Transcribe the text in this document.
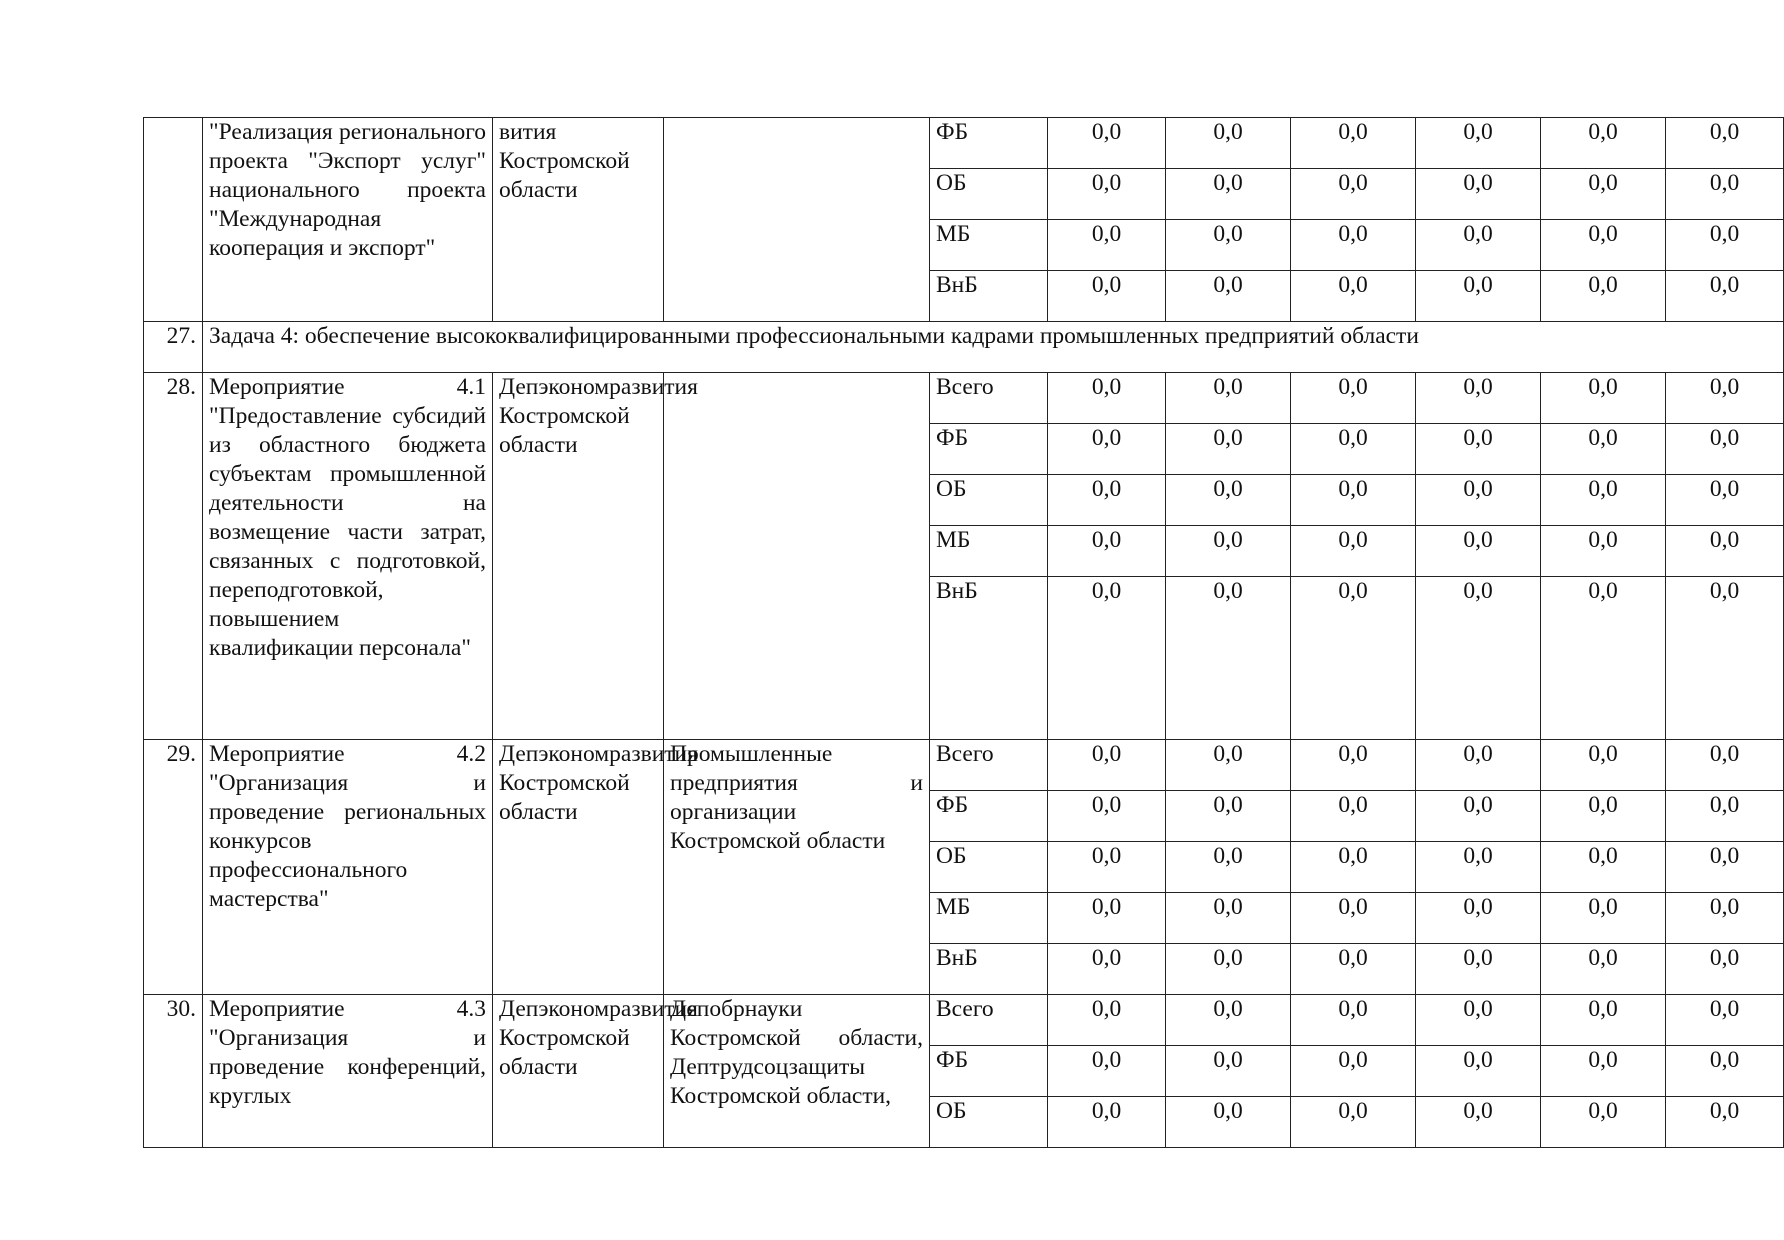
	"Реализация регионального проекта "Экспорт услуг" национального проекта "Международная кооперация и экспорт"	вития Костромской области		ФБ	0,0	0,0	0,0	0,0	0,0	0,0
				ОБ	0,0	0,0	0,0	0,0	0,0	0,0
				МБ	0,0	0,0	0,0	0,0	0,0	0,0
				ВнБ	0,0	0,0	0,0	0,0	0,0	0,0
27.	Задача 4: обеспечение высококвалифицированными профессиональными кадрами промышленных предприятий области									
28.	Мероприятие 4.1 "Предоставление субсидий из областного бюджета субъектам промышленной деятельности на возмещение части затрат, связанных с подготовкой, переподготовкой, повышением квалификации персонала"	Депэкономразвития Костромской области		Всего	0,0	0,0	0,0	0,0	0,0	0,0
				ФБ	0,0	0,0	0,0	0,0	0,0	0,0
				ОБ	0,0	0,0	0,0	0,0	0,0	0,0
				МБ	0,0	0,0	0,0	0,0	0,0	0,0
				ВнБ	0,0	0,0	0,0	0,0	0,0	0,0
29.	Мероприятие 4.2 "Организация и проведение региональных конкурсов профессионального мастерства"	Депэкономразвития Костромской области	Промышленные предприятия и организации Костромской области	Всего	0,0	0,0	0,0	0,0	0,0	0,0
				ФБ	0,0	0,0	0,0	0,0	0,0	0,0
				ОБ	0,0	0,0	0,0	0,0	0,0	0,0
				МБ	0,0	0,0	0,0	0,0	0,0	0,0
				ВнБ	0,0	0,0	0,0	0,0	0,0	0,0
30.	Мероприятие 4.3 "Организация и проведение конференций, круглых	Депэкономразвития Костромской области	Депобрнауки Костромской области, Дептрудсоцзащиты Костромской области,	Всего	0,0	0,0	0,0	0,0	0,0	0,0
				ФБ	0,0	0,0	0,0	0,0	0,0	0,0
				ОБ	0,0	0,0	0,0	0,0	0,0	0,0
